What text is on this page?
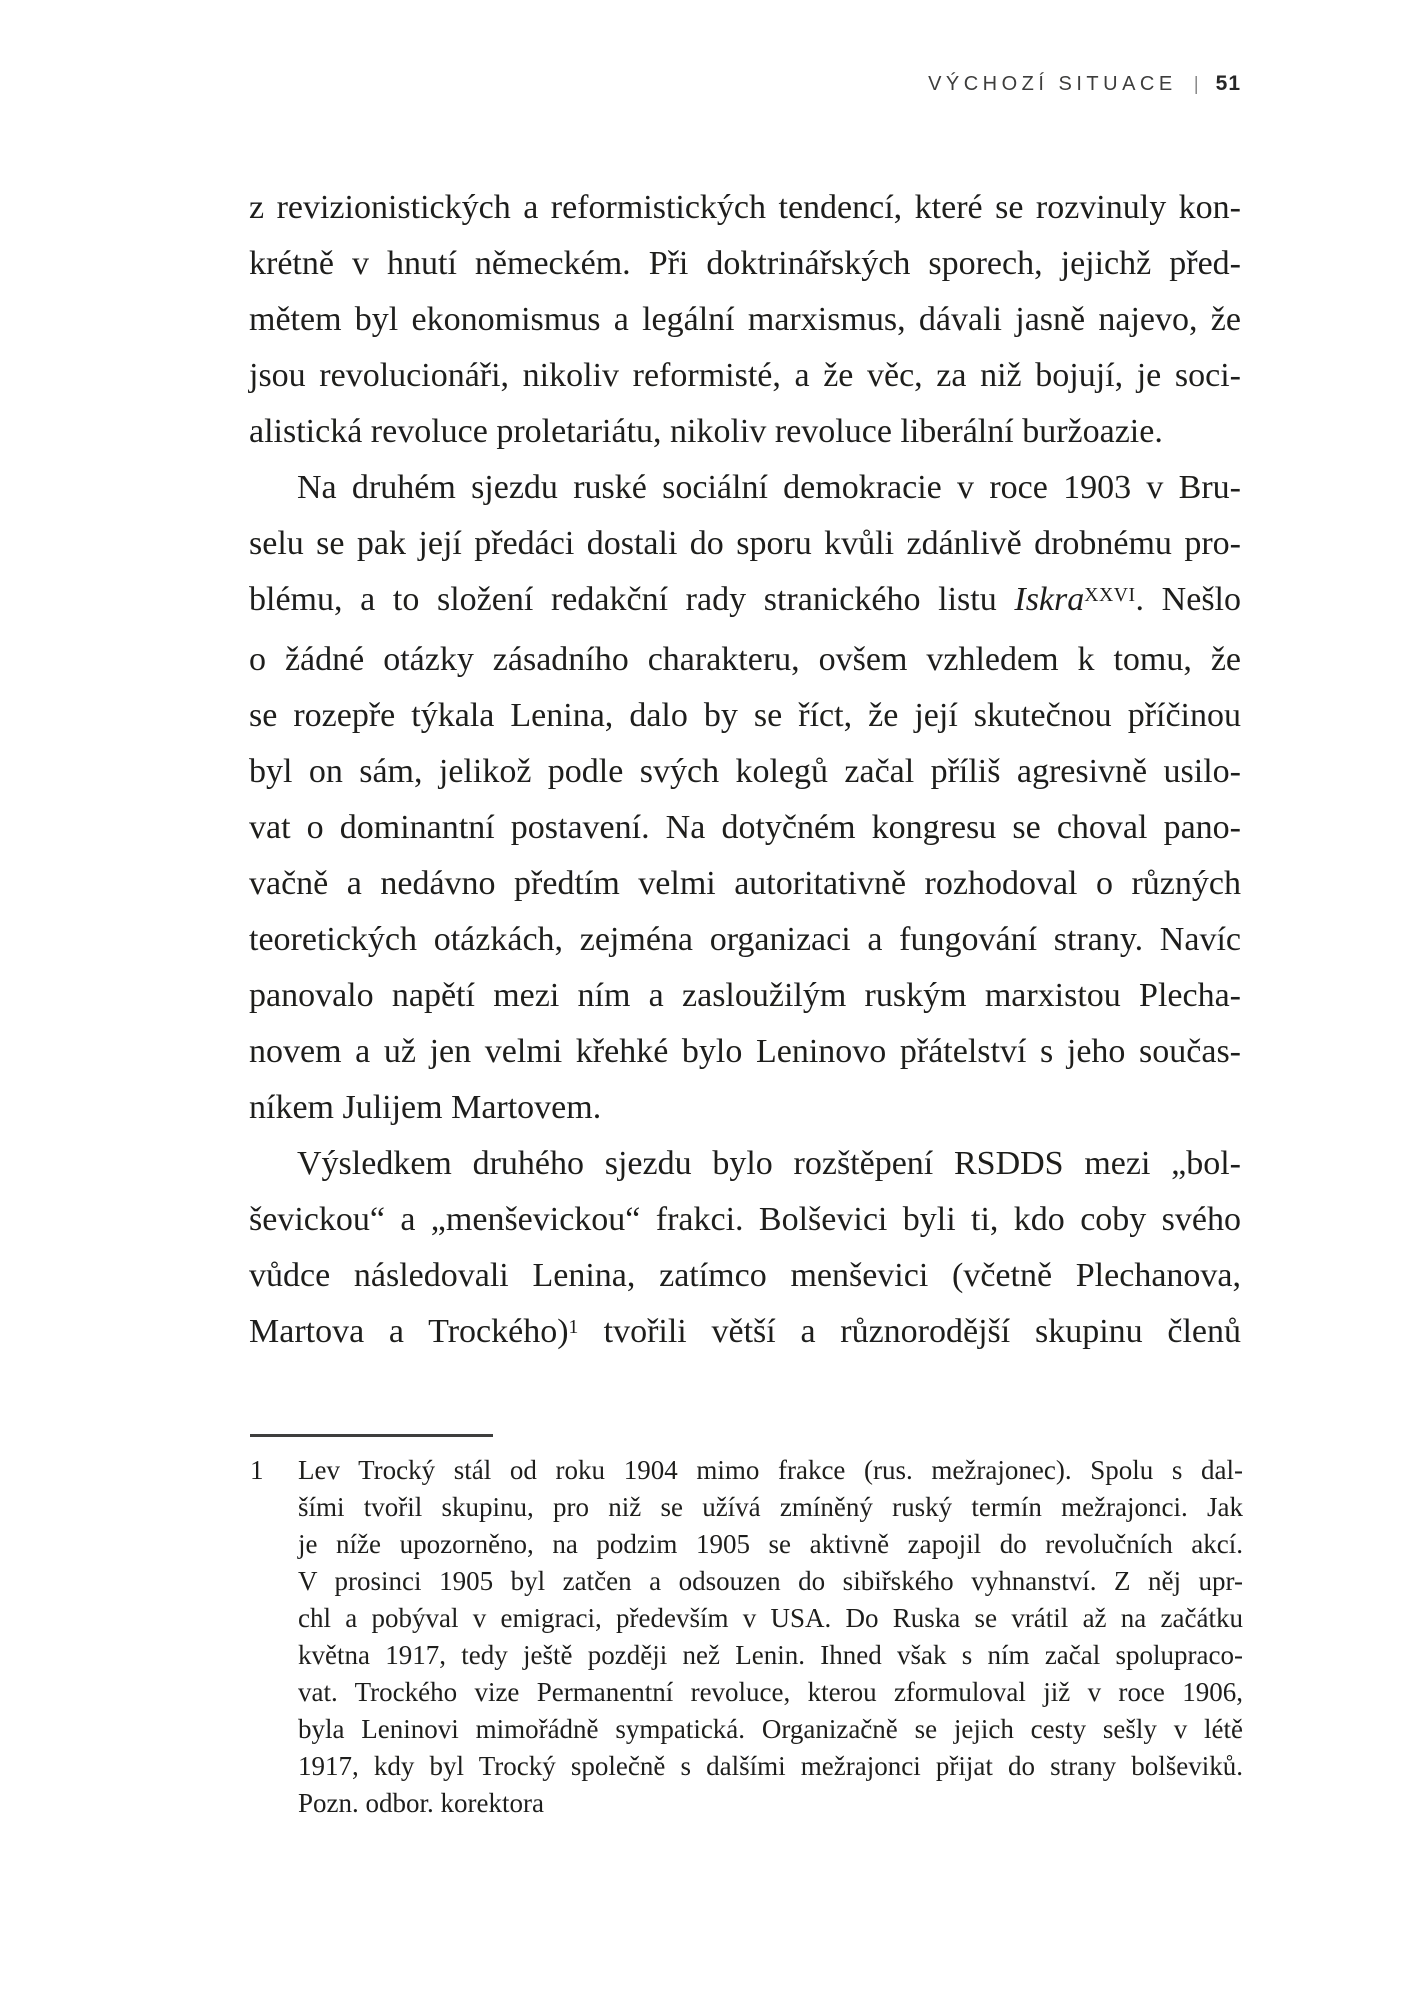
VÝCHOZÍ SITUACE | 51
z revizionistických a reformistických tendencí, které se rozvinuly kon-
krétně v hnutí německém. Při doktrinářských sporech, jejichž před-
mětem byl ekonomismus a legální marxismus, dávali jasně najevo, že
jsou revolucionáři, nikoliv reformisté, a že věc, za niž bojují, je soci-
alistická revoluce proletariátu, nikoliv revoluce liberální buržoazie.
Na druhém sjezdu ruské sociální demokracie v roce 1903 v Bru-
selu se pak její předáci dostali do sporu kvůli zdánlivě drobnému pro-
blému, a to složení redakční rady stranického listu Iskra$^{XXVI}$. Nešlo
o žádné otázky zásadního charakteru, ovšem vzhledem k tomu, že
se rozepře týkala Lenina, dalo by se říct, že její skutečnou příčinou
byl on sám, jelikož podle svých kolegů začal příliš agresivně usilo-
vat o dominantní postavení. Na dotyčném kongresu se choval pano-
vačně a nedávno předtím velmi autoritativně rozhodoval o různých
teoretických otázkách, zejména organizaci a fungování strany. Navíc
panovalo napětí mezi ním a zasloužilým ruským marxistou Plecha-
novem a už jen velmi křehké bylo Leninovo přátelství s jeho součas-
níkem Julijem Martovem.
Výsledkem druhého sjezdu bylo rozštěpení RSDDS mezi „bol-
ševickou“ a „menševickou“ frakci. Bolševici byli ti, kdo coby svého
vůdce následovali Lenina, zatímco menševici (včetně Plechanova,
Martova a Trockého)$^1$ tvořili větší a různorodější skupinu členů
1	Lev Trocký stál od roku 1904 mimo frakce (rus. mežrajonec). Spolu s dal-
šími tvořil skupinu, pro niž se užívá zmíněný ruský termín mežrajonci. Jak
je níže upozorněno, na podzim 1905 se aktivně zapojil do revolučních akcí.
V prosinci 1905 byl zatčen a odsouzen do sibiřského vyhnanství. Z něj upr-
chl a pobýval v emigraci, především v USA. Do Ruska se vrátil až na začátku
května 1917, tedy ještě později než Lenin. Ihned však s ním začal spolupraco-
vat. Trockého vize Permanentní revoluce, kterou zformuloval již v roce 1906,
byla Leninovi mimořádně sympatická. Organizačně se jejich cesty sešly v létě
1917, kdy byl Trocký společně s dalšími mežrajonci přijat do strany bolševiků.
Pozn. odbor. korektora
